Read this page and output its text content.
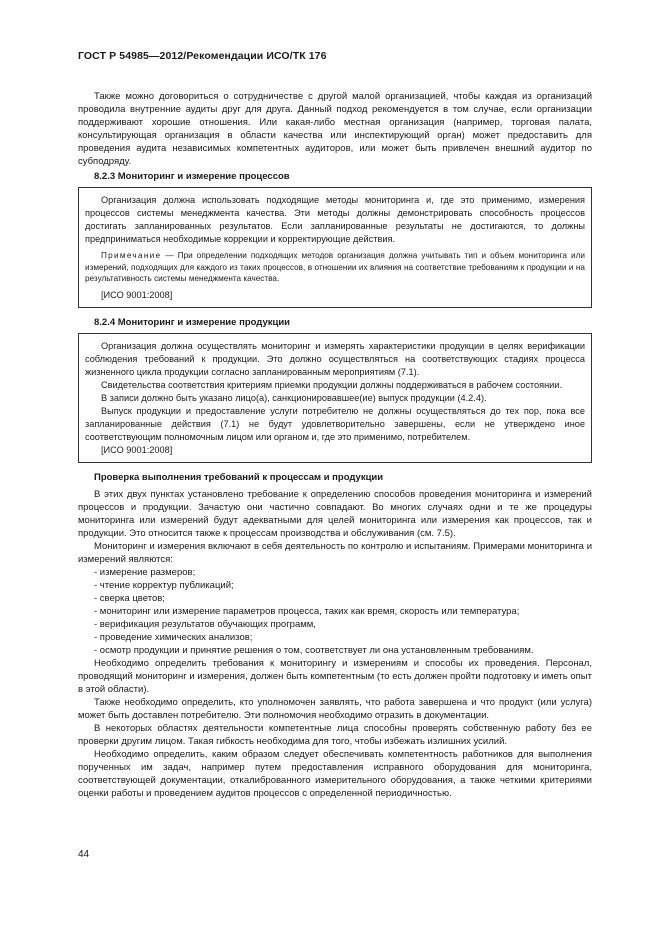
ГОСТ Р 54985—2012/Рекомендации ИСО/ТК 176

Также можно договориться о сотрудничестве с другой малой организацией, чтобы каждая из организаций проводила внутренние аудиты друг для друга. Данный подход рекомендуется в том случае, если организации поддерживают хорошие отношения. Или какая-либо местная организация (например, торговая палата, консультирующая организация в области качества или инспектирующий орган) может предоставить для проведения аудита независимых компетентных аудиторов, или может быть привлечен внешний аудитор по субподряду.

8.2.3 Мониторинг и измерение процессов

Организация должна использовать подходящие методы мониторинга и, где это применимо, измерения процессов системы менеджмента качества. Эти методы должны демонстрировать способность процессов достигать запланированных результатов. Если запланированные результаты не достигаются, то должны предприниматься необходимые коррекции и корректирующие действия.

Примечание — При определении подходящих методов организация должна учитывать тип и объем мониторинга или измерений, подходящих для каждого из таких процессов, в отношении их влияния на соответствие требованиям к продукции и на результативность системы менеджмента качества.
[ИСО 9001:2008]
8.2.4 Мониторинг и измерение продукции

Организация должна осуществлять мониторинг и измерять характеристики продукции в целях верификации соблюдения требований к продукции. Это должно осуществляться на соответствующих стадиях процесса жизненного цикла продукции согласно запланированным мероприятиям (7.1).

Свидетельства соответствия критериям приемки продукции должны поддерживаться в рабочем состоянии.

В записи должно быть указано лицо(а), санкционировавшее(ие) выпуск продукции (4.2.4).

Выпуск продукции и предоставление услуги потребителю не должны осуществляться до тех пор, пока все запланированные действия (7.1) не будут удовлетворительно завершены, если не утверждено иное соответствующим полномочным лицом или органом и, где это применимо, потребителем.

[ИСО 9001:2008]
Проверка выполнения требований к процессам и продукции

В этих двух пунктах установлено требование к определению способов проведения мониторинга и измерений процессов и продукции. Зачастую они частично совпадают. Во многих случаях одни и те же процедуры мониторинга или измерений будут адекватными для целей мониторинга или измерения как процессов, так и продукции. Это относится также к процессам производства и обслуживания (см. 7.5).

Мониторинг и измерения включают в себя деятельность по контролю и испытаниям. Примерами мониторинга и измерений являются:

- измерение размеров;
- чтение корректур публикаций;
- сверка цветов;
- мониторинг или измерение параметров процесса, таких как время, скорость или температура;
- верификация результатов обучающих программ,
- проведение химических анализов;
- осмотр продукции и принятие решения о том, соответствует ли она установленным требованиям.

Необходимо определить требования к мониторингу и измерениям и способы их проведения. Персонал, проводящий мониторинг и измерения, должен быть компетентным (то есть должен пройти подготовку и иметь опыт в этой области).

Также необходимо определить, кто уполномочен заявлять, что работа завершена и что продукт (или услуга) может быть доставлен потребителю. Эти полномочия необходимо отразить в документации.

В некоторых областях деятельности компетентные лица способны проверять собственную работу без ее проверки другим лицом. Такая гибкость необходима для того, чтобы избежать излишних усилий.

Необходимо определить, каким образом следует обеспечивать компетентность работников для выполнения порученных им задач, например путем предоставления исправного оборудования для мониторинга, соответствующей документации, откалиброванного измерительного оборудования, а также четкими критериями оценки работы и проведением аудитов процессов с определенной периодичностью.

44
